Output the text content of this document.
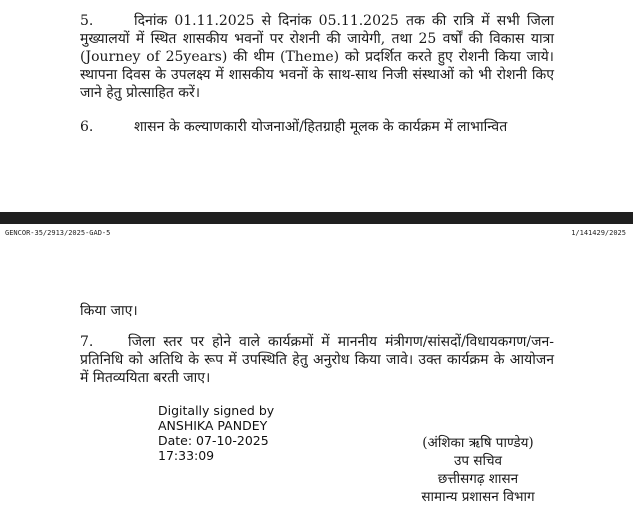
5.	दिनांक 01.11.2025 से दिनांक 05.11.2025 तक की रात्रि में सभी जिला मुख्यालयों में स्थित शासकीय भवनों पर रोशनी की जायेगी, तथा 25 वर्षों की विकास यात्रा (Journey of 25years) की थीम (Theme) को प्रदर्शित करते हुए रोशनी किया जाये। स्थापना दिवस के उपलक्ष्य में शासकीय भवनों के साथ-साथ निजी संस्थाओं को भी रोशनी किए जाने हेतु प्रोत्साहित करें।

6.	शासन के कल्याणकारी योजनाओं/हितग्राही मूलक के कार्यक्रम में लाभान्वित

GENCOR-35/2913/2025-GAD-5	1/141429/2025

किया जाए।

7. जिला स्तर पर होने वाले कार्यक्रमों में माननीय मंत्रीगण/सांसदों/विधायकगण/जन-प्रतिनिधि को अतिथि के रूप में उपस्थिति हेतु अनुरोध किया जावे। उक्त कार्यक्रम के आयोजन में मितव्ययिता बरती जाए।

Digitally signed by
ANSHIKA PANDEY
Date: 07-10-2025
17:33:09
(अंशिका ऋषि पाण्डेय)
उप सचिव
छत्तीसगढ़ शासन
सामान्य प्रशासन विभाग
